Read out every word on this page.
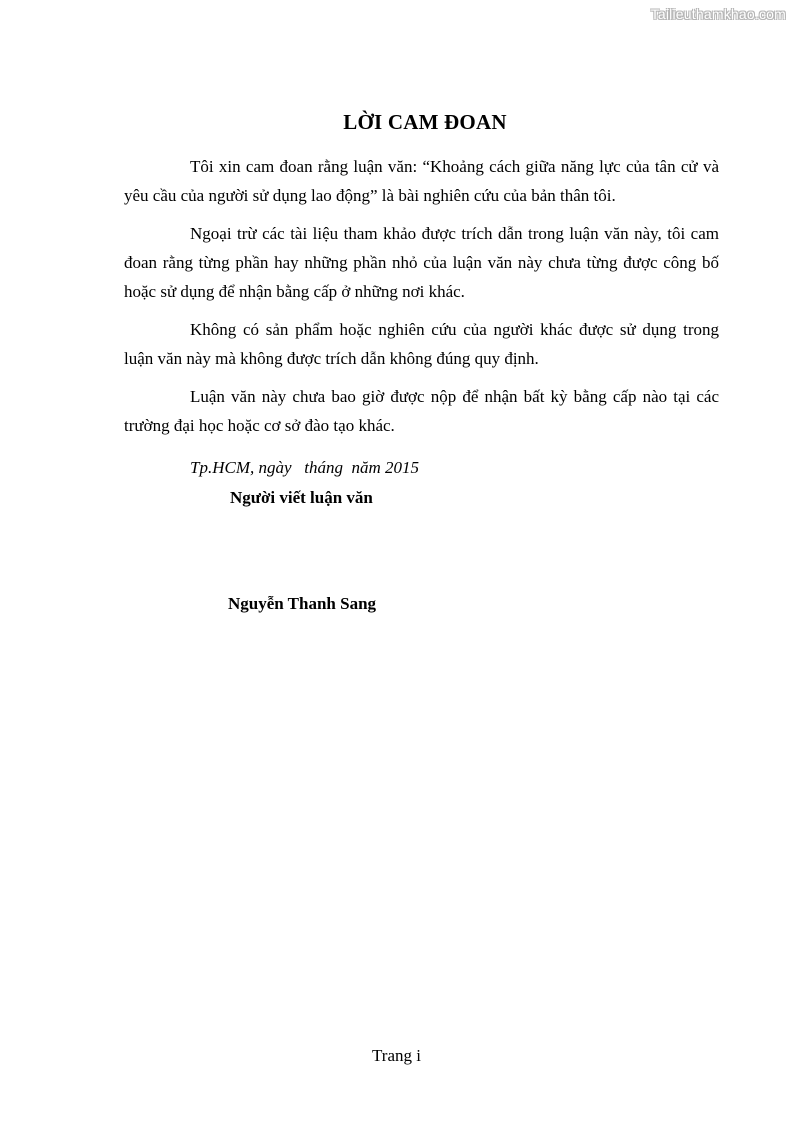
Tailieuthamkhao.com
LỜI CAM ĐOAN

Tôi xin cam đoan rằng luận văn: “Khoảng cách giữa năng lực của tân cử và yêu cầu của người sử dụng lao động” là bài nghiên cứu của bản thân tôi.

Ngoại trừ các tài liệu tham khảo được trích dẫn trong luận văn này, tôi cam đoan rằng từng phần hay những phần nhỏ của luận văn này chưa từng được công bố hoặc sử dụng để nhận bằng cấp ở những nơi khác.

Không có sản phẩm hoặc nghiên cứu của người khác được sử dụng trong luận văn này mà không được trích dẫn không đúng quy định.

Luận văn này chưa bao giờ được nộp để nhận bất kỳ bằng cấp nào tại các trường đại học hoặc cơ sở đào tạo khác.

Tp.HCM, ngày   tháng  năm 2015
Người viết luận văn
Nguyễn Thanh Sang
Trang i
